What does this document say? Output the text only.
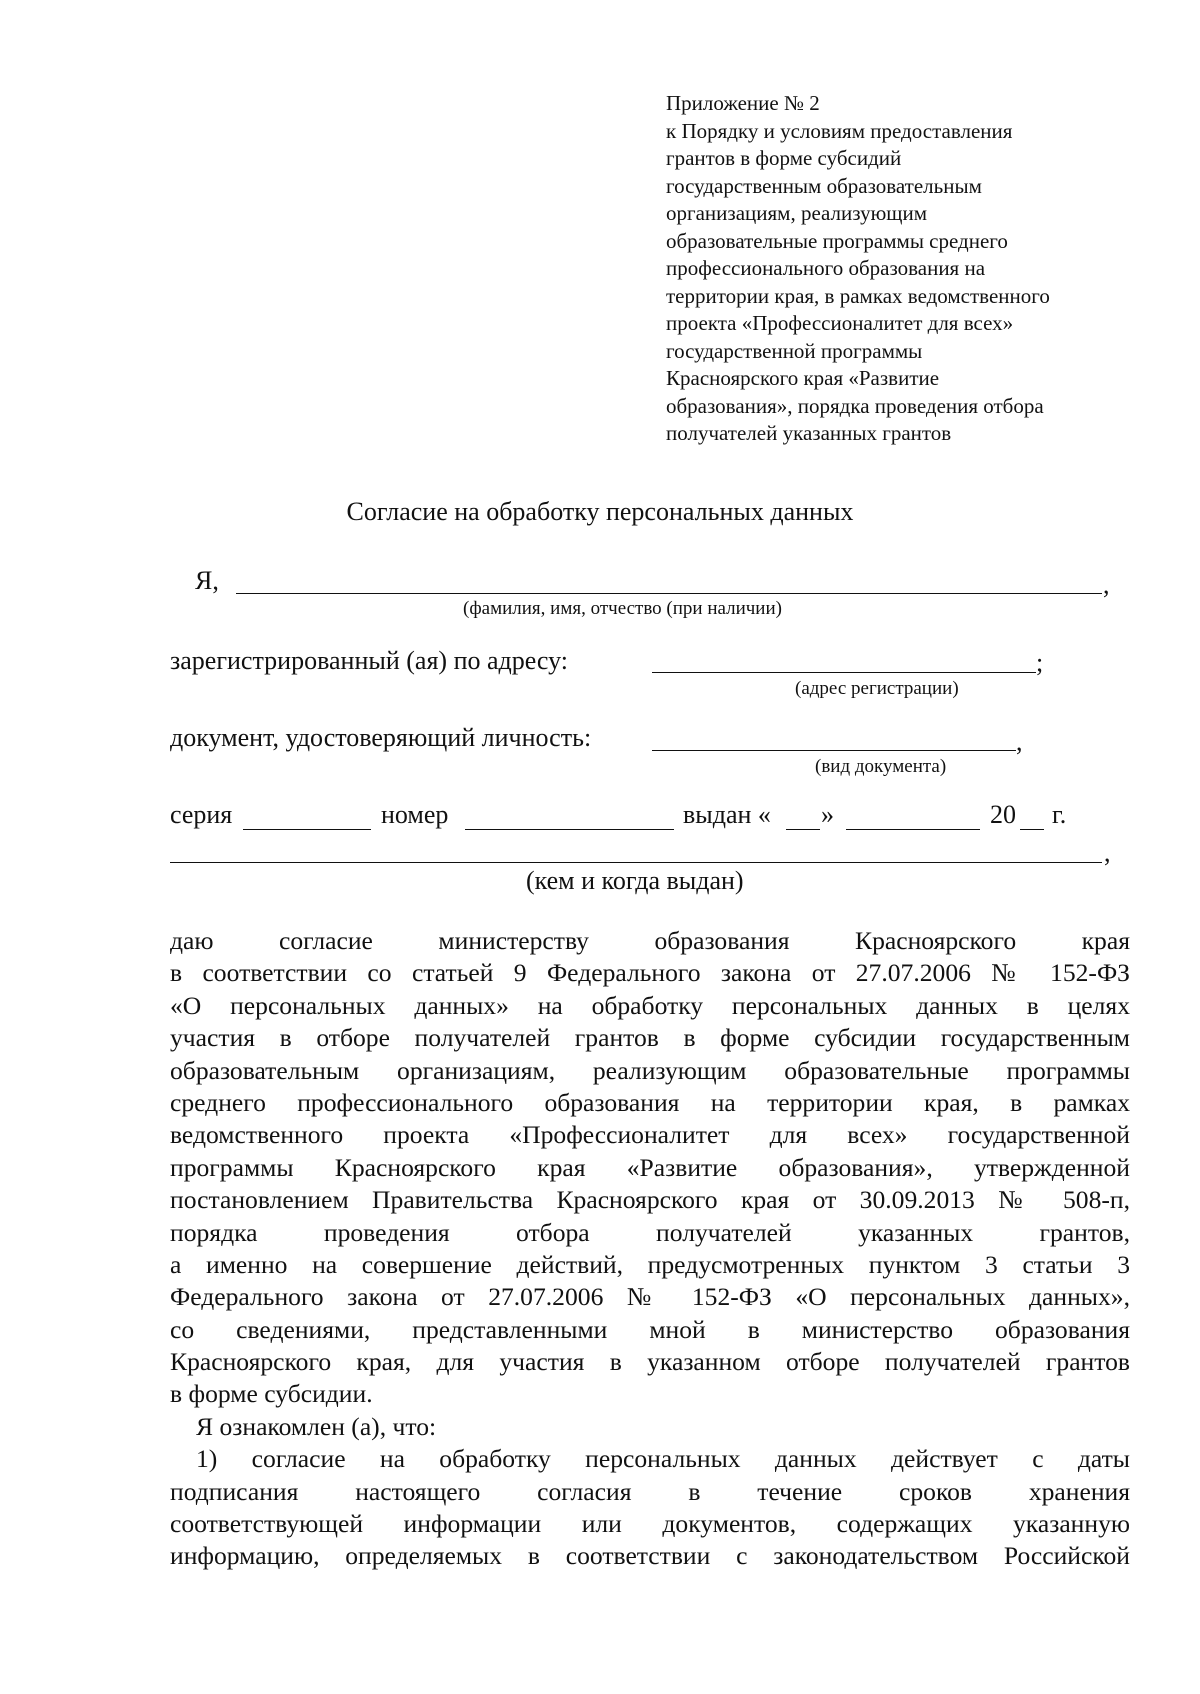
Приложение № 2
к Порядку и условиям предоставления
грантов в форме субсидий
государственным образовательным
организациям, реализующим
образовательные программы среднего
профессионального образования на
территории края, в рамках ведомственного
проекта «Профессионалитет для всех»
государственной программы
Красноярского края «Развитие
образования», порядка проведения отбора
получателей указанных грантов
Согласие на обработку персональных данных
Я,	,
(фамилия, имя, отчество (при наличии)
зарегистрированный (ая) по адресу:	;
(адрес регистрации)
документ, удостоверяющий личность:	,
(вид документа)
серия	номер	выдан « »	20 г.
,
(кем и когда выдан)
даю согласие министерству образования Красноярского края
в соответствии со статьей 9 Федерального закона от 27.07.2006 № 152-ФЗ
«О персональных данных» на обработку персональных данных в целях
участия в отборе получателей грантов в форме субсидии государственным
образовательным организациям, реализующим образовательные программы
среднего профессионального образования на территории края, в рамках
ведомственного проекта «Профессионалитет для всех» государственной
программы Красноярского края «Развитие образования», утвержденной
постановлением Правительства Красноярского края от 30.09.2013 № 508-п,
порядка проведения отбора получателей указанных грантов,
а именно на совершение действий, предусмотренных пунктом 3 статьи 3
Федерального закона от 27.07.2006 № 152-ФЗ «О персональных данных»,
со сведениями, представленными мной в министерство образования
Красноярского края, для участия в указанном отборе получателей грантов
в форме субсидии.
Я ознакомлен (а), что:
1) согласие на обработку персональных данных действует с даты
подписания настоящего согласия в течение сроков хранения
соответствующей информации или документов, содержащих указанную
информацию, определяемых в соответствии с законодательством Российской
